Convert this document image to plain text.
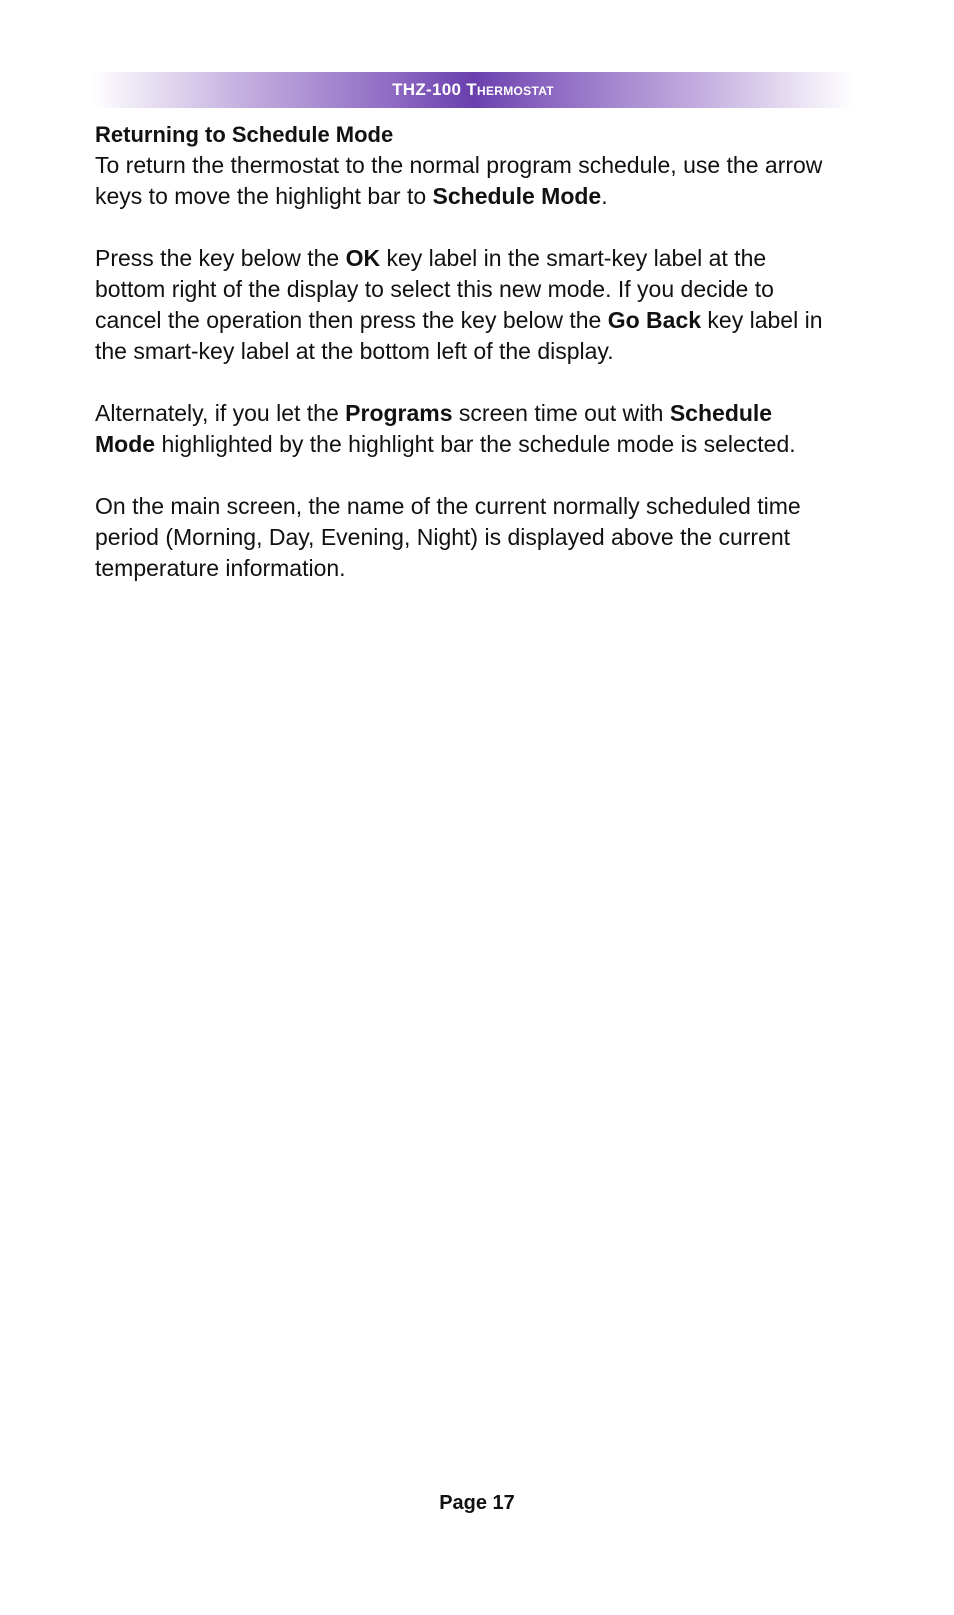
THZ-100 Thermostat
Returning to Schedule Mode

To return the thermostat to the normal program schedule, use the arrow keys to move the highlight bar to Schedule Mode.

Press the key below the OK key label in the smart-key label at the bottom right of the display to select this new mode. If you decide to cancel the operation then press the key below the Go Back key label in the smart-key label at the bottom left of the display.

Alternately, if you let the Programs screen time out with Schedule Mode highlighted by the highlight bar the schedule mode is selected.

On the main screen, the name of the current normally scheduled time period (Morning, Day, Evening, Night) is displayed above the current temperature information.

Page 17
